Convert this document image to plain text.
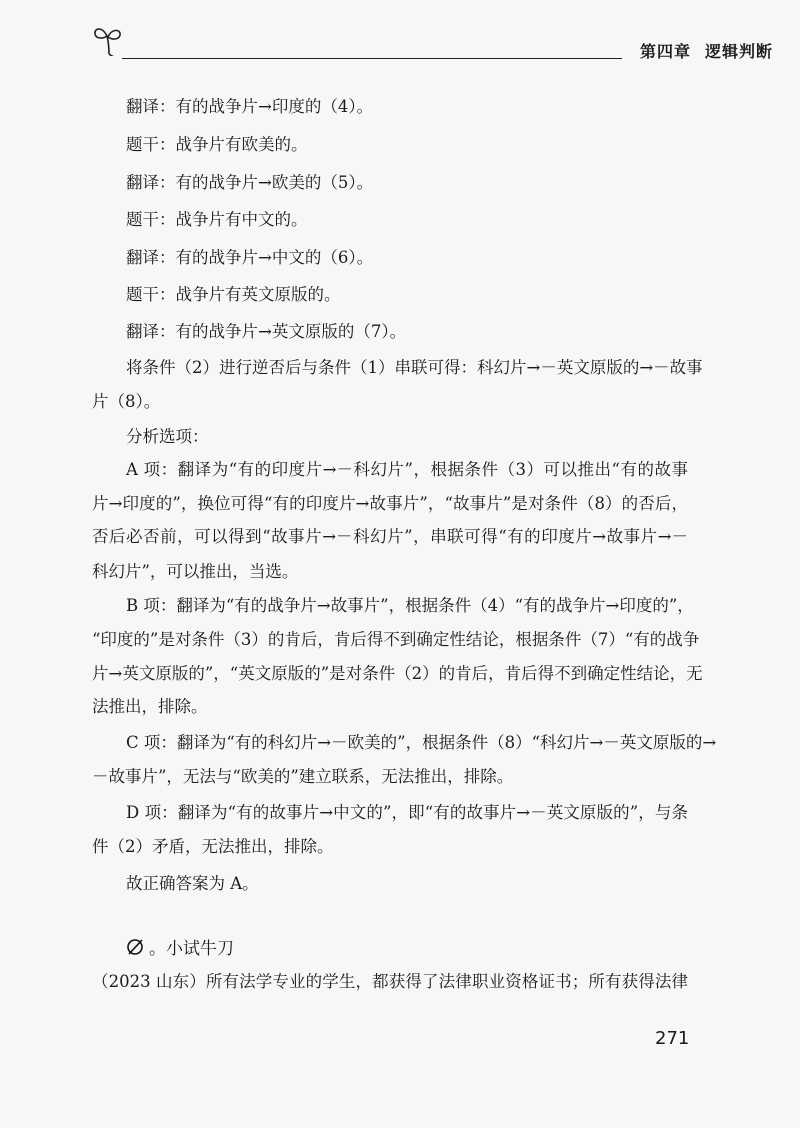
第四章 逻辑判断
翻译：有的战争片→印度的（4）。
题干：战争片有欧美的。
翻译：有的战争片→欧美的（5）。
题干：战争片有中文的。
翻译：有的战争片→中文的（6）。
题干：战争片有英文原版的。
翻译：有的战争片→英文原版的（7）。
将条件（2）进行逆否后与条件（1）串联可得：科幻片→－英文原版的→－故事
片（8）。
分析选项：
A 项：翻译为“有的印度片→－科幻片”，根据条件（3）可以推出“有的故事
片→印度的”，换位可得“有的印度片→故事片”，“故事片”是对条件（8）的否后，
否后必否前，可以得到“故事片→－科幻片”，串联可得“有的印度片→故事片→－
科幻片”，可以推出，当选。
B 项：翻译为“有的战争片→故事片”，根据条件（4）“有的战争片→印度的”，
“印度的”是对条件（3）的肯后，肯后得不到确定性结论，根据条件（7）“有的战争
片→英文原版的”，“英文原版的”是对条件（2）的肯后，肯后得不到确定性结论，无
法推出，排除。
C 项：翻译为“有的科幻片→－欧美的”，根据条件（8）“科幻片→－英文原版的→
－故事片”，无法与“欧美的”建立联系，无法推出，排除。
D 项：翻译为“有的故事片→中文的”，即“有的故事片→－英文原版的”，与条
件（2）矛盾，无法推出，排除。
故正确答案为 A。
。小试牛刀
（2023 山东）所有法学专业的学生，都获得了法律职业资格证书；所有获得法律
271
